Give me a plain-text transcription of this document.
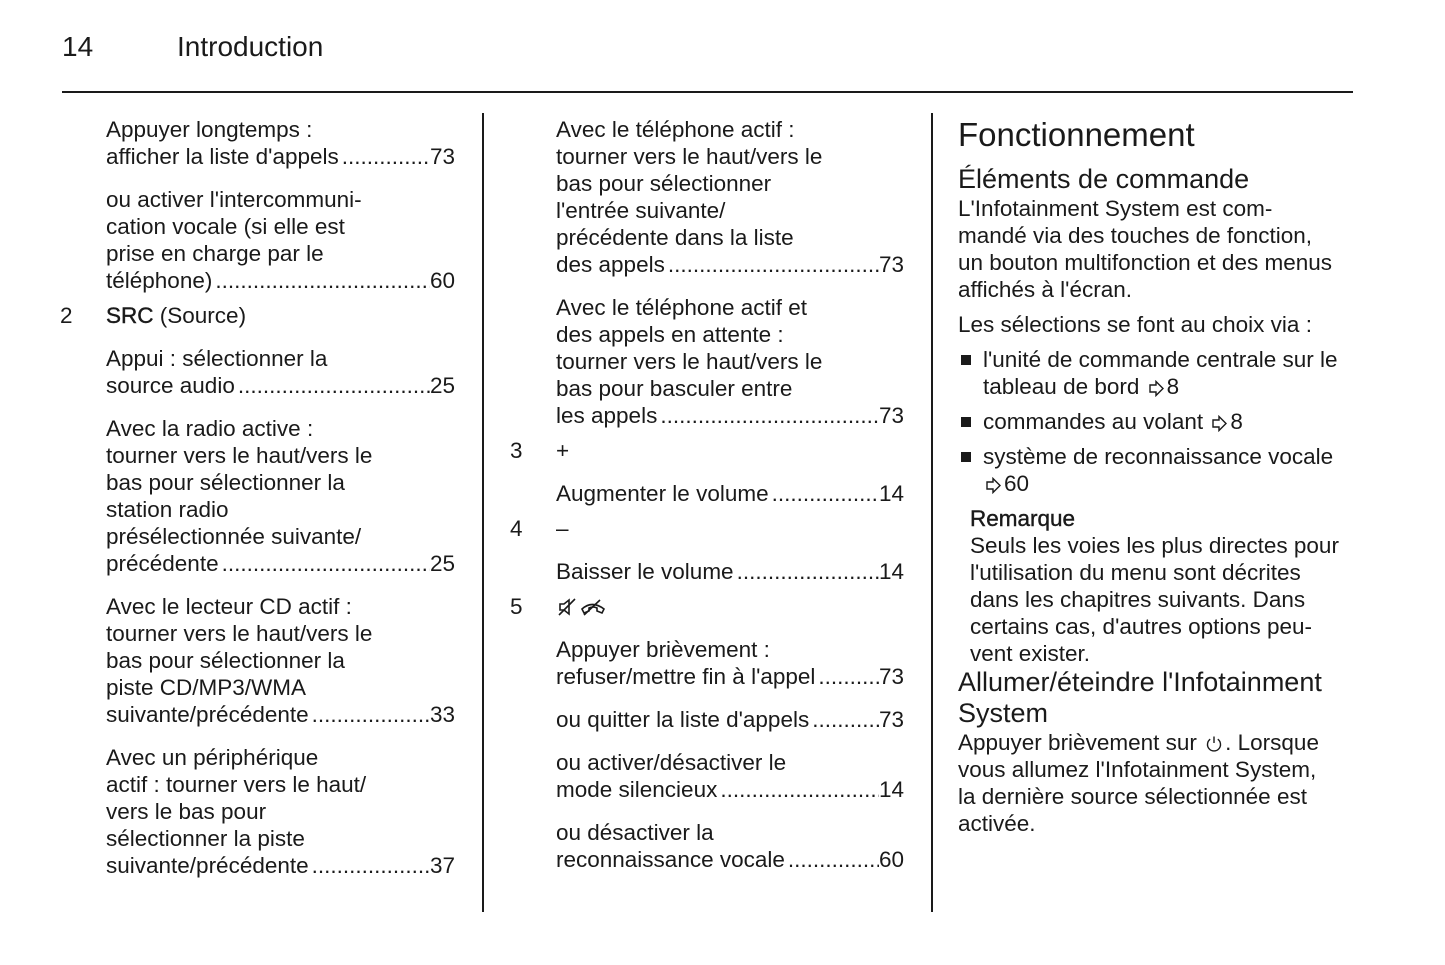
14	Introduction
Appuyer longtemps :
afficher la liste d'appels .....	73
ou activer l'intercommuni-
cation vocale (si elle est
prise en charge par le
téléphone) .....	60
2 SRC (Source)
Appui : sélectionner la
source audio .....	25
Avec la radio active :
tourner vers le haut/vers le
bas pour sélectionner la
station radio
présélectionnée suivante/
précédente .....	25
Avec le lecteur CD actif :
tourner vers le haut/vers le
bas pour sélectionner la
piste CD/MP3/WMA
suivante/précédente .....	33
Avec un périphérique
actif : tourner vers le haut/
vers le bas pour
sélectionner la piste
suivante/précédente .....	37
Avec le téléphone actif :
tourner vers le haut/vers le
bas pour sélectionner
l'entrée suivante/
précédente dans la liste
des appels .....	73
Avec le téléphone actif et
des appels en attente :
tourner vers le haut/vers le
bas pour basculer entre
les appels .....	73
3 +
Augmenter le volume .....	14
4 –
Baisser le volume .....	14
5
Appuyer brièvement :
refuser/mettre fin à l'appel .....	73
ou quitter la liste d'appels .....	73
ou activer/désactiver le
mode silencieux .....	14
ou désactiver la
reconnaissance vocale .....	60
Fonctionnement
Éléments de commande
L'Infotainment System est com-
mandé via des touches de fonction,
un bouton multifonction et des menus
affichés à l'écran.
Les sélections se font au choix via :
l'unité de commande centrale sur le
tableau de bord 8
commandes au volant 8
système de reconnaissance vocale
60
Remarque
Seuls les voies les plus directes pour
l'utilisation du menu sont décrites
dans les chapitres suivants. Dans
certains cas, d'autres options peu-
vent exister.
Allumer/éteindre l'Infotainment
System
Appuyer brièvement sur . Lorsque
vous allumez l'Infotainment System,
la dernière source sélectionnée est
activée.
